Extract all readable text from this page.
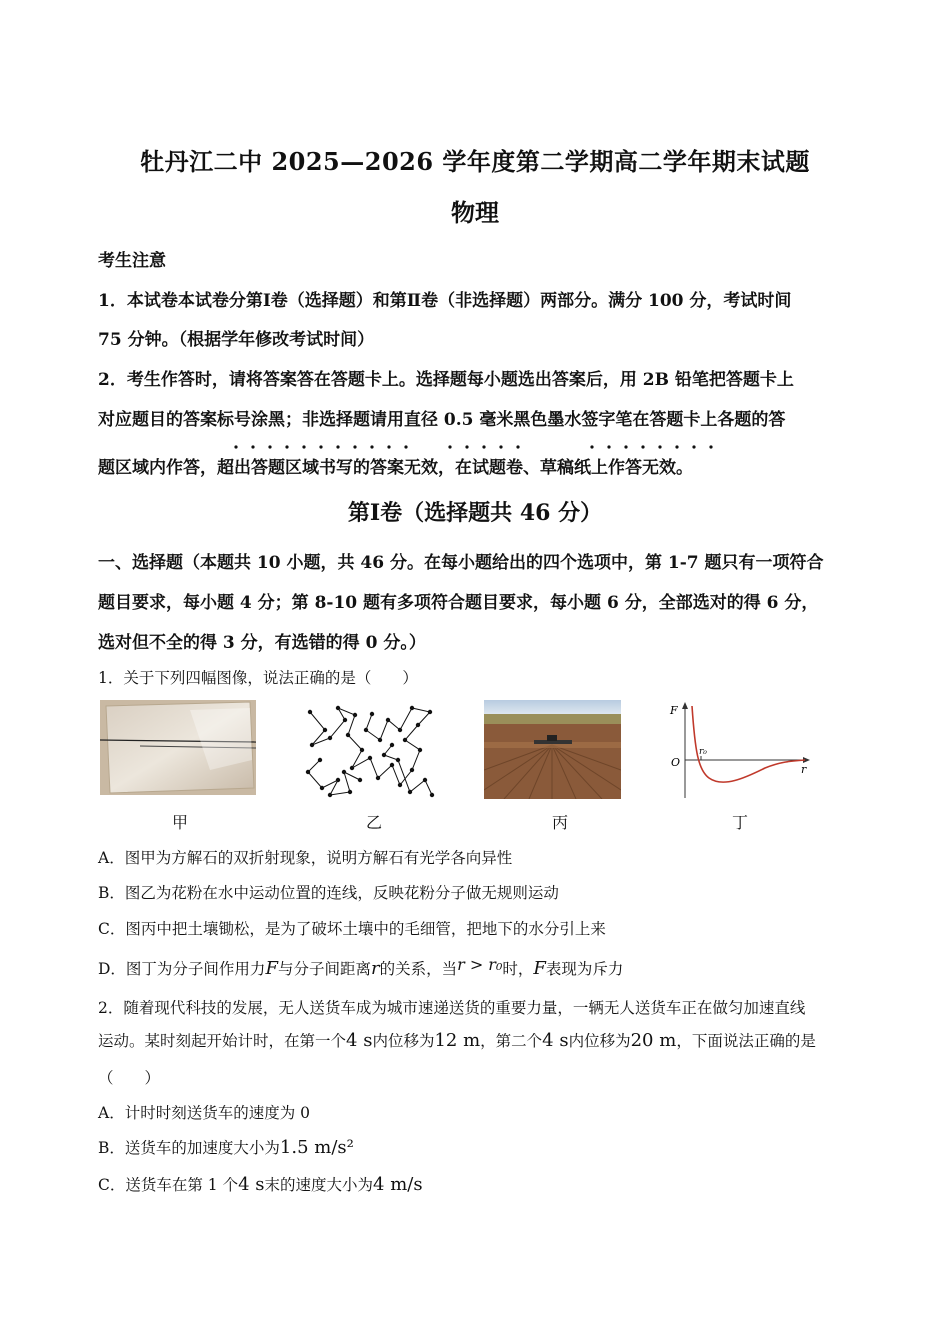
牡丹江二中 2025—2026 学年度第二学期高二学年期末试题
物理
考生注意
1．本试卷本试卷分第Ⅰ卷（选择题）和第Ⅱ卷（非选择题）两部分。满分 100 分，考试时间
75 分钟。（根据学年修改考试时间）
2．考生作答时，请将答案答在答题卡上。选择题每小题选出答案后，用 2B 铅笔把答题卡上
对应题目的答案标号涂黑；非选择题请用直径 0.5 毫米黑色墨水签字笔在答题卡上各题的答
题区域内作答，超出答题区域书写的答案无效，在试题卷、草稿纸上作答无效。
第Ⅰ卷（选择题共 46 分）
一、选择题（本题共 10 小题，共 46 分。在每小题给出的四个选项中，第 1-7 题只有一项符合
题目要求，每小题 4 分；第 8-10 题有多项符合题目要求，每小题 6 分，全部选对的得 6 分，
选对但不全的得 3 分，有选错的得 0 分。）
1．关于下列四幅图像，说法正确的是（　　）
F
O
r₀
r
甲	乙	丙	丁
A．图甲为方解石的双折射现象，说明方解石有光学各向异性
B．图乙为花粉在水中运动位置的连线，反映花粉分子做无规则运动
C．图丙中把土壤锄松，是为了破坏土壤中的毛细管，把地下的水分引上来
D．图丁为分子间作用力F与分子间距离r的关系，当r > r₀时，F表现为斥力
2．随着现代科技的发展，无人送货车成为城市速递送货的重要力量，一辆无人送货车正在做匀加速直线
运动。某时刻起开始计时，在第一个4 s内位移为12 m，第二个4 s内位移为20 m，下面说法正确的是
（　　）
A．计时时刻送货车的速度为 0
B．送货车的加速度大小为1.5 m/s²
C．送货车在第 1 个4 s末的速度大小为4 m/s
